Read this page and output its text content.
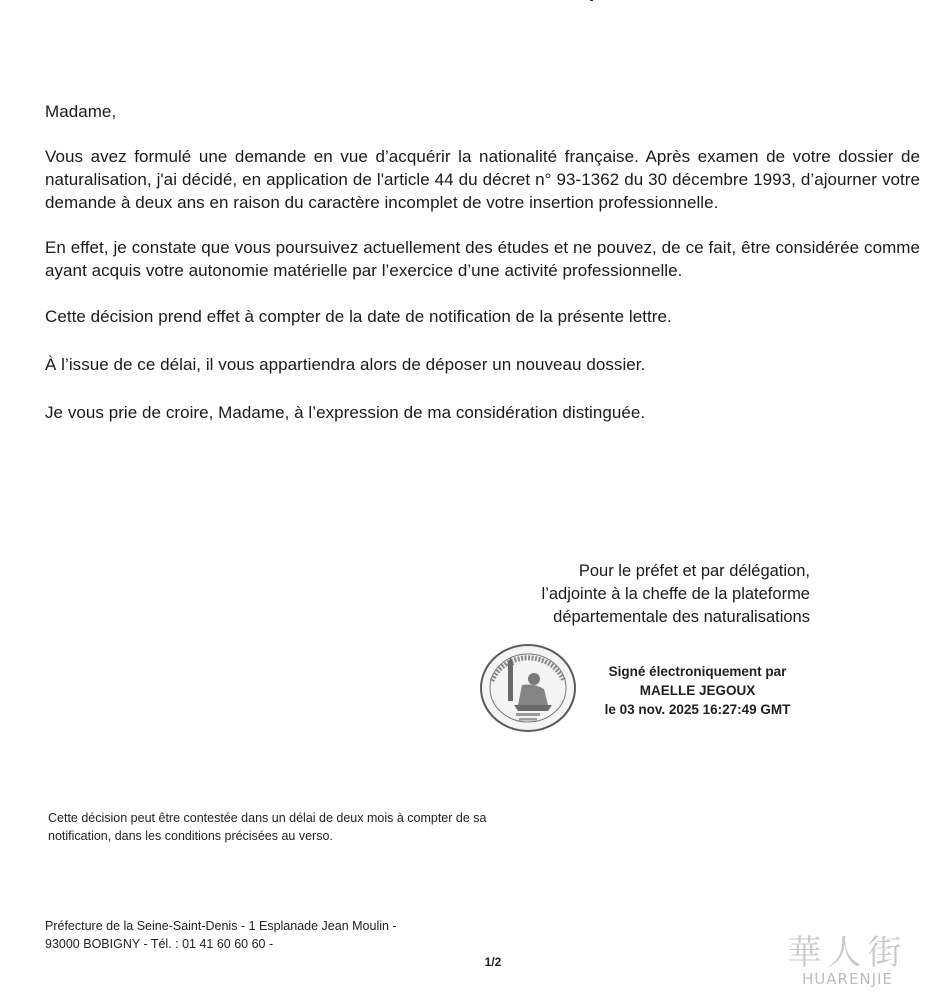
Madame,

Vous avez formulé une demande en vue d’acquérir la nationalité française. Après examen de votre dossier de naturalisation, j'ai décidé, en application de l'article 44 du décret n° 93-1362 du 30 décembre 1993, d’ajourner votre demande à deux ans en raison du caractère incomplet de votre insertion professionnelle.

En effet, je constate que vous poursuivez actuellement des études et ne pouvez, de ce fait, être considérée comme ayant acquis votre autonomie matérielle par l’exercice d’une activité professionnelle.

Cette décision prend effet à compter de la date de notification de la présente lettre.

À l’issue de ce délai, il vous appartiendra alors de déposer un nouveau dossier.

Je vous prie de croire, Madame, à l’expression de ma considération distinguée.

Pour le préfet et par délégation,
l’adjointe à la cheffe de la plateforme
départementale des naturalisations
Signé électroniquement par
MAELLE JEGOUX
le 03 nov. 2025 16:27:49 GMT
Cette décision peut être contestée dans un délai de deux mois à compter de sa notification, dans les conditions précisées au verso.
Préfecture de la Seine-Saint-Denis - 1 Esplanade Jean Moulin -
93000 BOBIGNY - Tél. : 01 41 60 60 60 -
1/2	華人街
HUARENJIE
